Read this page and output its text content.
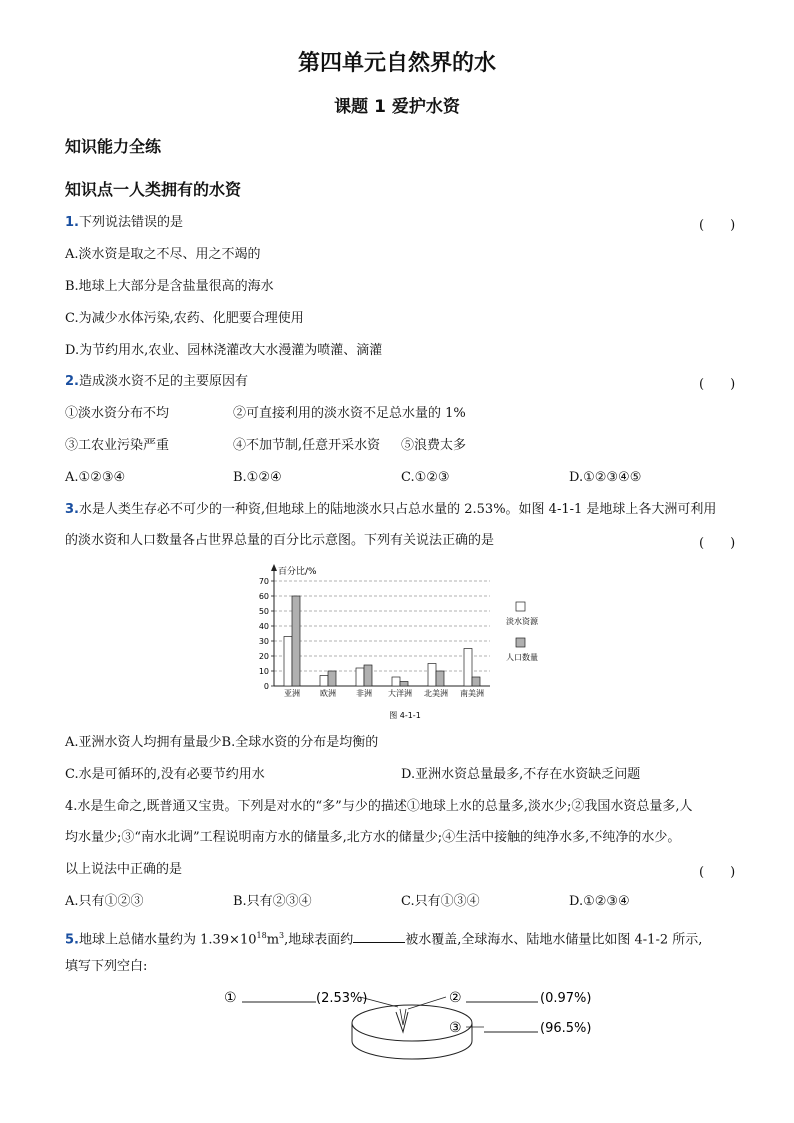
第四单元自然界的水
课题 1 爱护水资
知识能力全练
知识点一人类拥有的水资
1.下列说法错误的是	(　　)
A.淡水资是取之不尽、用之不竭的
B.地球上大部分是含盐量很高的海水
C.为减少水体污染,农药、化肥要合理使用
D.为节约用水,农业、园林浇灌改大水漫灌为喷灌、滴灌
2.造成淡水资不足的主要原因有	(　　)
①淡水资分布不均	②可直接利用的淡水资不足总水量的 1%
③工农业污染严重	④不加节制,任意开采水资 ⑤浪费太多
A.①②③④	B.①②④	C.①②③	D.①②③④⑤
3.水是人类生存必不可少的一种资,但地球上的陆地淡水只占总水量的 2.53%。如图 4-1-1 是地球上各大洲可利用
的淡水资和人口数量各占世界总量的百分比示意图。下列有关说法正确的是	(　　)
0
10
20
30
40
50
60
70
百分比/%
亚洲	欧洲	非洲 大洋洲 北美洲 南美洲
淡水资源
人口数量
图 4-1-1
A.亚洲水资人均拥有量最少B.全球水资的分布是均衡的
C.水是可循环的,没有必要节约用水	D.亚洲水资总量最多,不存在水资缺乏问题
4.水是生命之,既普通又宝贵。下列是对水的“多”与少的描述①地球上水的总量多,淡水少;②我国水资总量多,人
均水量少;③“南水北调”工程说明南方水的储量多,北方水的储量少;④生活中接触的纯净水多,不纯净的水少。
以上说法中正确的是	(　　)
A.只有①②③	B.只有②③④	C.只有①③④	D.①②③④
5.地球上总储水量约为 $1.39\times 10^{18}m^3$,地球表面约	被水覆盖,全球海水、陆地水储量比如图 4-1-2 所示,
填写下列空白:
①	(2.53%)	②	(0.97%)
③	(96.5%)
